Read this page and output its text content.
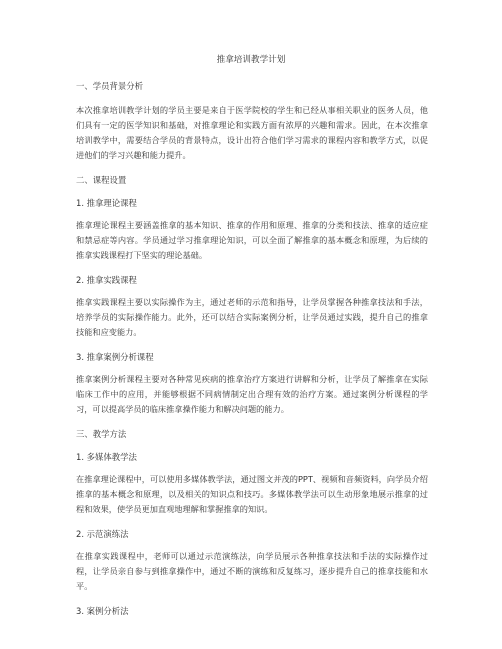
推拿培训教学计划
一、学员背景分析
本次推拿培训教学计划的学员主要是来自于医学院校的学生和已经从事相关职业的医务人员，他们具有一定的医学知识和基础，对推拿理论和实践方面有浓厚的兴趣和需求。因此，在本次推拿培训教学中，需要结合学员的背景特点，设计出符合他们学习需求的课程内容和教学方式，以促进他们的学习兴趣和能力提升。
二、课程设置
1. 推拿理论课程
推拿理论课程主要涵盖推拿的基本知识、推拿的作用和原理、推拿的分类和技法、推拿的适应症和禁忌症等内容。学员通过学习推拿理论知识，可以全面了解推拿的基本概念和原理，为后续的推拿实践课程打下坚实的理论基础。
2. 推拿实践课程
推拿实践课程主要以实际操作为主，通过老师的示范和指导，让学员掌握各种推拿技法和手法，培养学员的实际操作能力。此外，还可以结合实际案例分析，让学员通过实践，提升自己的推拿技能和应变能力。
3. 推拿案例分析课程
推拿案例分析课程主要对各种常见疾病的推拿治疗方案进行讲解和分析，让学员了解推拿在实际临床工作中的应用，并能够根据不同病情制定出合理有效的治疗方案。通过案例分析课程的学习，可以提高学员的临床推拿操作能力和解决问题的能力。
三、教学方法
1. 多媒体教学法
在推拿理论课程中，可以使用多媒体教学法，通过图文并茂的PPT、视频和音频资料，向学员介绍推拿的基本概念和原理，以及相关的知识点和技巧。多媒体教学法可以生动形象地展示推拿的过程和效果，使学员更加直观地理解和掌握推拿的知识。
2. 示范演练法
在推拿实践课程中，老师可以通过示范演练法，向学员展示各种推拿技法和手法的实际操作过程，让学员亲自参与到推拿操作中，通过不断的演练和反复练习，逐步提升自己的推拿技能和水平。
3. 案例分析法
